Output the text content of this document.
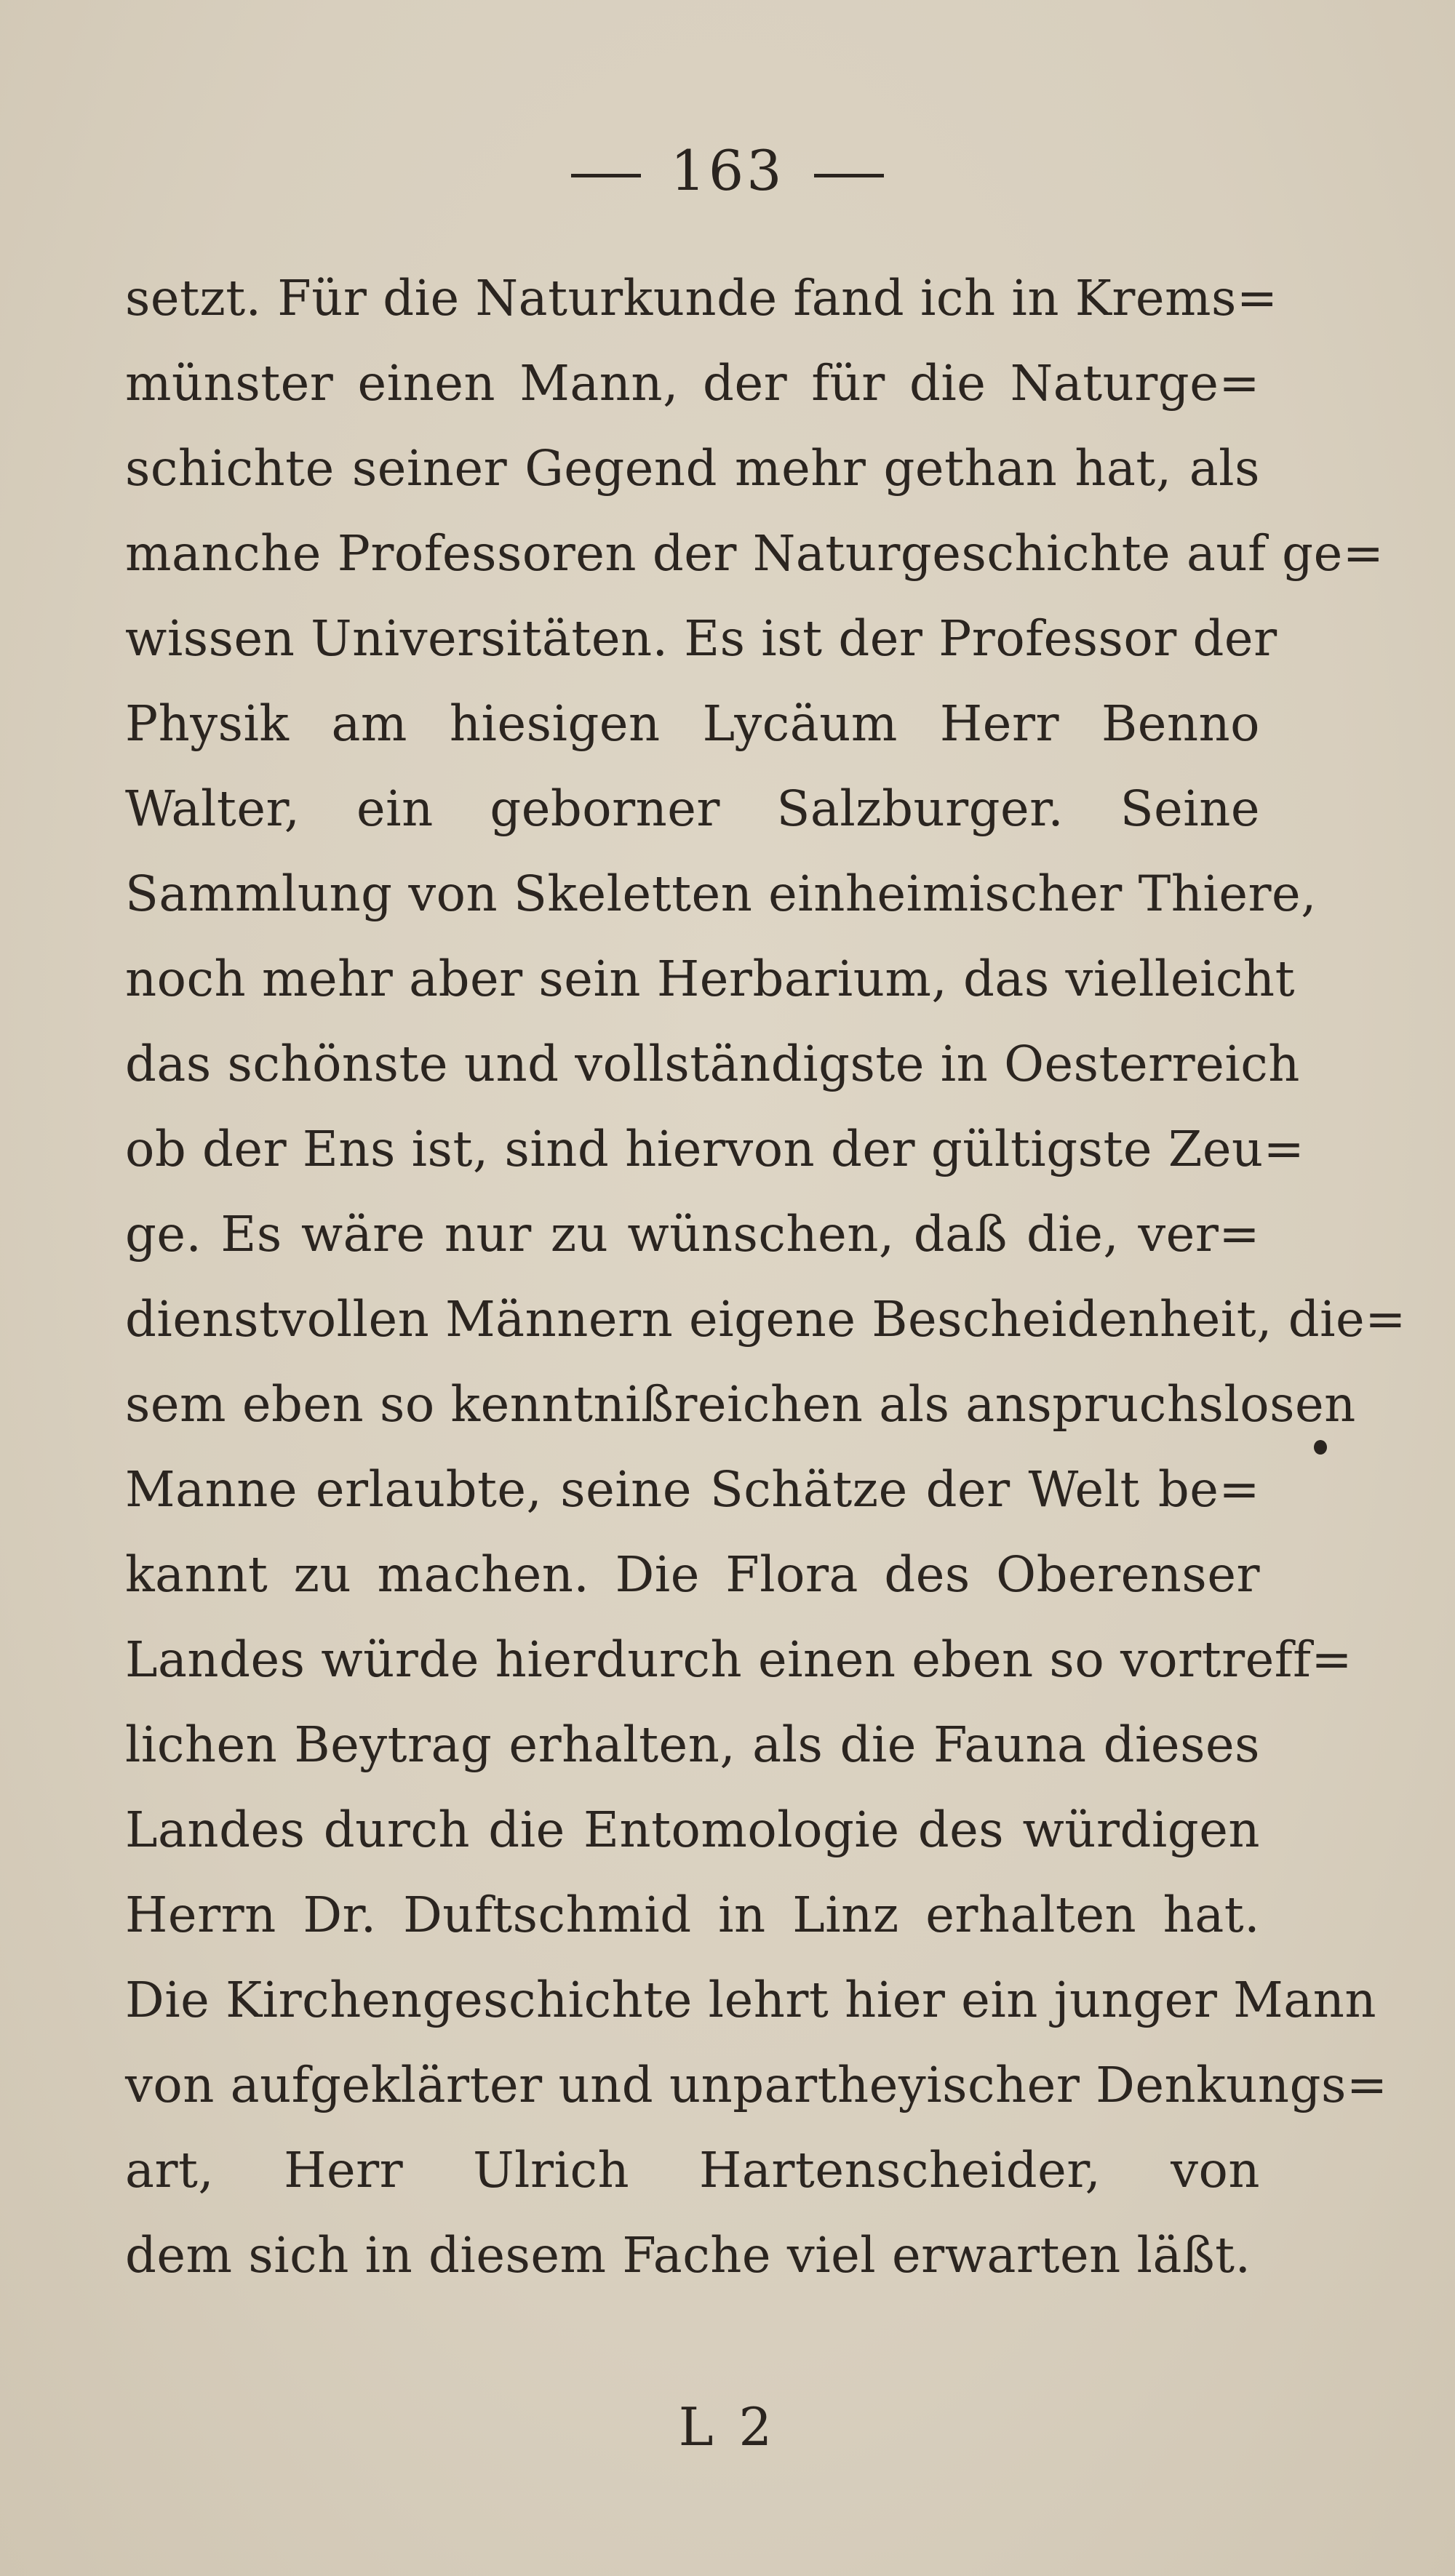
163
setzt. Für die Naturkunde fand ich in Krems=
münster einen Mann, der für die Naturge=
schichte seiner Gegend mehr gethan hat, als
manche Professoren der Naturgeschichte auf ge=
wissen Universitäten. Es ist der Professor der
Physik am hiesigen Lycäum Herr Benno
Walter, ein geborner Salzburger. Seine
Sammlung von Skeletten einheimischer Thiere,
noch mehr aber sein Herbarium, das vielleicht
das schönste und vollständigste in Oesterreich
ob der Ens ist, sind hiervon der gültigste Zeu=
ge. Es wäre nur zu wünschen, daß die, ver=
dienstvollen Männern eigene Bescheidenheit, die=
sem eben so kenntnißreichen als anspruchslosen
Manne erlaubte, seine Schätze der Welt be=
kannt zu machen. Die Flora des Oberenser
Landes würde hierdurch einen eben so vortreff=
lichen Beytrag erhalten, als die Fauna dieses
Landes durch die Entomologie des würdigen
Herrn Dr. Duftschmid in Linz erhalten hat.
Die Kirchengeschichte lehrt hier ein junger Mann
von aufgeklärter und unpartheyischer Denkungs=
art, Herr Ulrich Hartenscheider, von
dem sich in diesem Fache viel erwarten läßt.
L 2
